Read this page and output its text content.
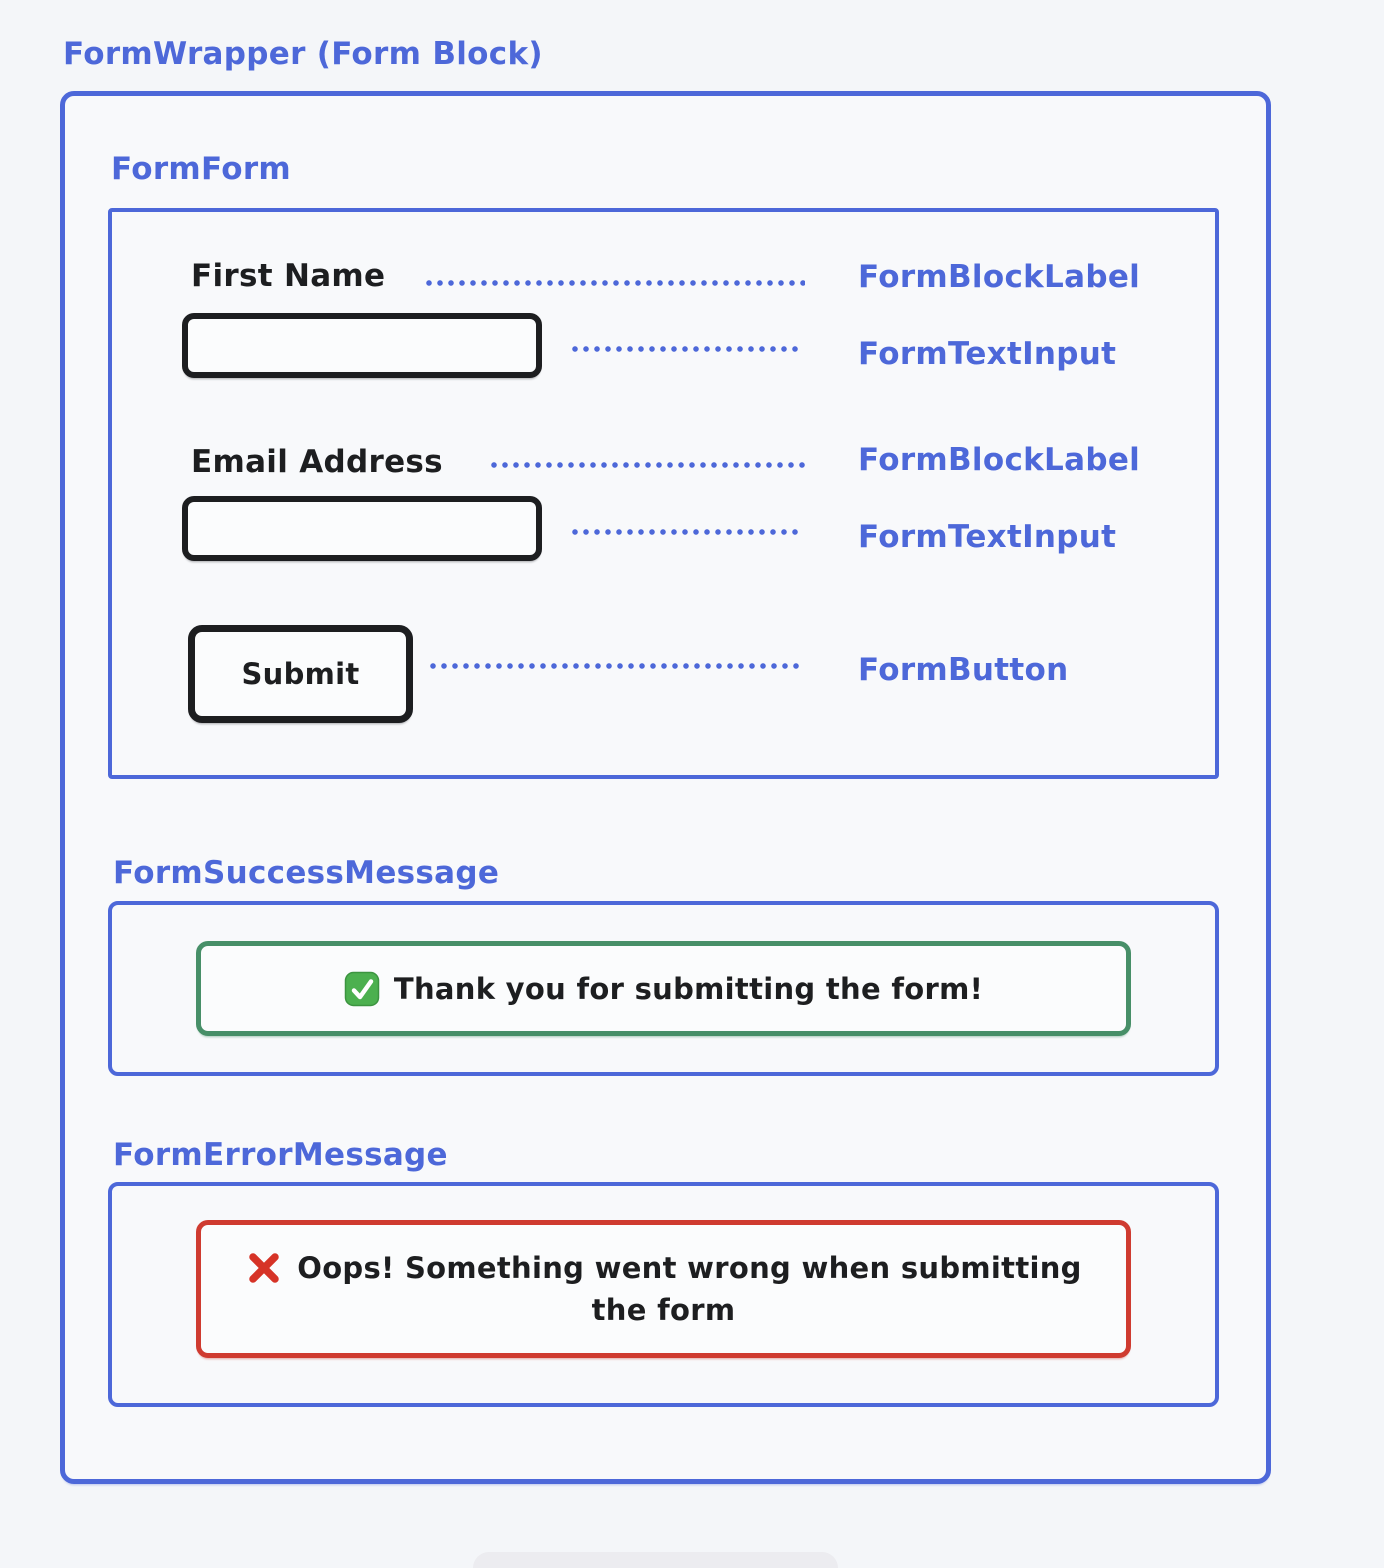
FormWrapper (Form Block)
FormForm
First Name	FormBlockLabel
FormTextInput
Email Address	FormBlockLabel
FormTextInput
Submit	FormButton
FormSuccessMessage
Thank you for submitting the form!
FormErrorMessage
Oops! Something went wrong when submitting
the form
